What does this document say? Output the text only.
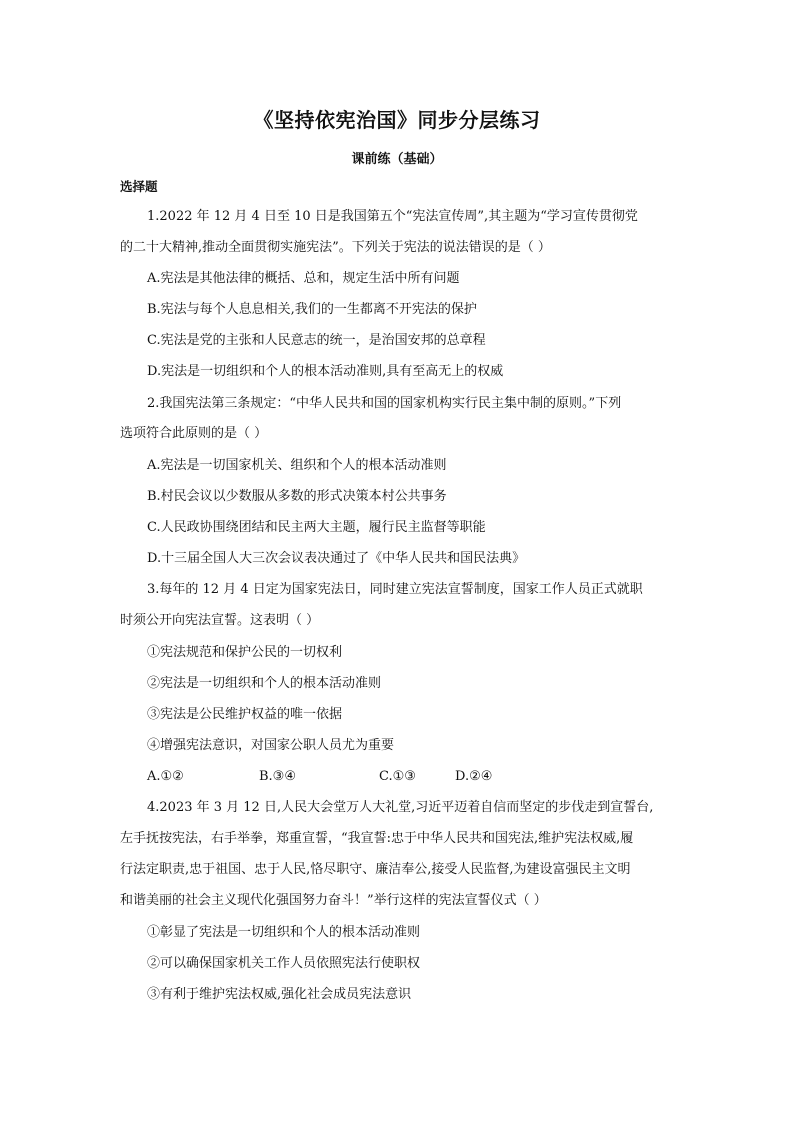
《坚持依宪治国》同步分层练习
课前练（基础）
选择题
1.2022 年 12 月 4 日至 10 日是我国第五个“宪法宣传周”,其主题为“学习宣传贯彻党
的二十大精神,推动全面贯彻实施宪法”。下列关于宪法的说法错误的是（ ）
A.宪法是其他法律的概括、总和，规定生活中所有问题
B.宪法与每个人息息相关,我们的一生都离不开宪法的保护
C.宪法是党的主张和人民意志的统一，是治国安邦的总章程
D.宪法是一切组织和个人的根本活动准则,具有至高无上的权威
2.我国宪法第三条规定：“中华人民共和国的国家机构实行民主集中制的原则。”下列
选项符合此原则的是（ ）
A.宪法是一切国家机关、组织和个人的根本活动准则
B.村民会议以少数服从多数的形式决策本村公共事务
C.人民政协围绕团结和民主两大主题，履行民主监督等职能
D.十三届全国人大三次会议表决通过了《中华人民共和国民法典》
3.每年的 12 月 4 日定为国家宪法日，同时建立宪法宣誓制度，国家工作人员正式就职
时须公开向宪法宣誓。这表明（ ）
①宪法规范和保护公民的一切权利
②宪法是一切组织和个人的根本活动准则
③宪法是公民维护权益的唯一依据
④增强宪法意识，对国家公职人员尤为重要
A.①②	B.③④	C.①③	D.②④
4.2023 年 3 月 12 日,人民大会堂万人大礼堂,习近平迈着自信而坚定的步伐走到宣誓台,
左手抚按宪法，右手举拳，郑重宣誓，“我宣誓:忠于中华人民共和国宪法,维护宪法权威,履
行法定职责,忠于祖国、忠于人民,恪尽职守、廉洁奉公,接受人民监督,为建设富强民主文明
和谐美丽的社会主义现代化强国努力奋斗！”举行这样的宪法宣誓仪式（ ）
①彰显了宪法是一切组织和个人的根本活动准则
②可以确保国家机关工作人员依照宪法行使职权
③有利于维护宪法权威,强化社会成员宪法意识
